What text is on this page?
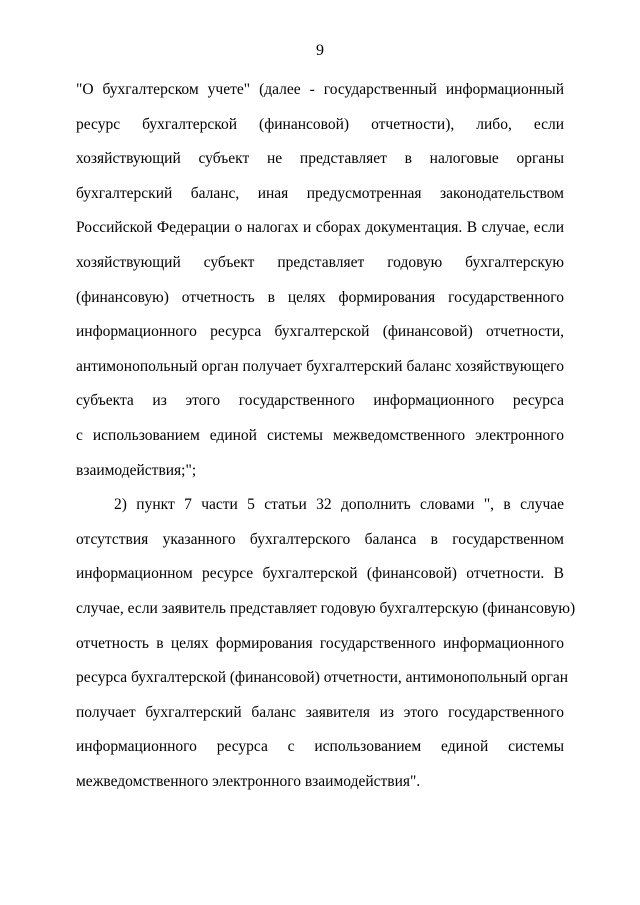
9
"О бухгалтерском учете" (далее - государственный информационный
ресурс бухгалтерской (финансовой) отчетности), либо, если
хозяйствующий субъект не представляет в налоговые органы
бухгалтерский баланс, иная предусмотренная законодательством
Российской Федерации о налогах и сборах документация. В случае, если
хозяйствующий субъект представляет годовую бухгалтерскую
(финансовую) отчетность в целях формирования государственного
информационного ресурса бухгалтерской (финансовой) отчетности,
антимонопольный орган получает бухгалтерский баланс хозяйствующего
субъекта из этого государственного информационного ресурса
с использованием единой системы межведомственного электронного
взаимодействия;";
2) пункт 7 части 5 статьи 32 дополнить словами ", в случае
отсутствия указанного бухгалтерского баланса в государственном
информационном ресурсе бухгалтерской (финансовой) отчетности. В
случае, если заявитель представляет годовую бухгалтерскую (финансовую)
отчетность в целях формирования государственного информационного
ресурса бухгалтерской (финансовой) отчетности, антимонопольный орган
получает бухгалтерский баланс заявителя из этого государственного
информационного ресурса с использованием единой системы
межведомственного электронного взаимодействия".
